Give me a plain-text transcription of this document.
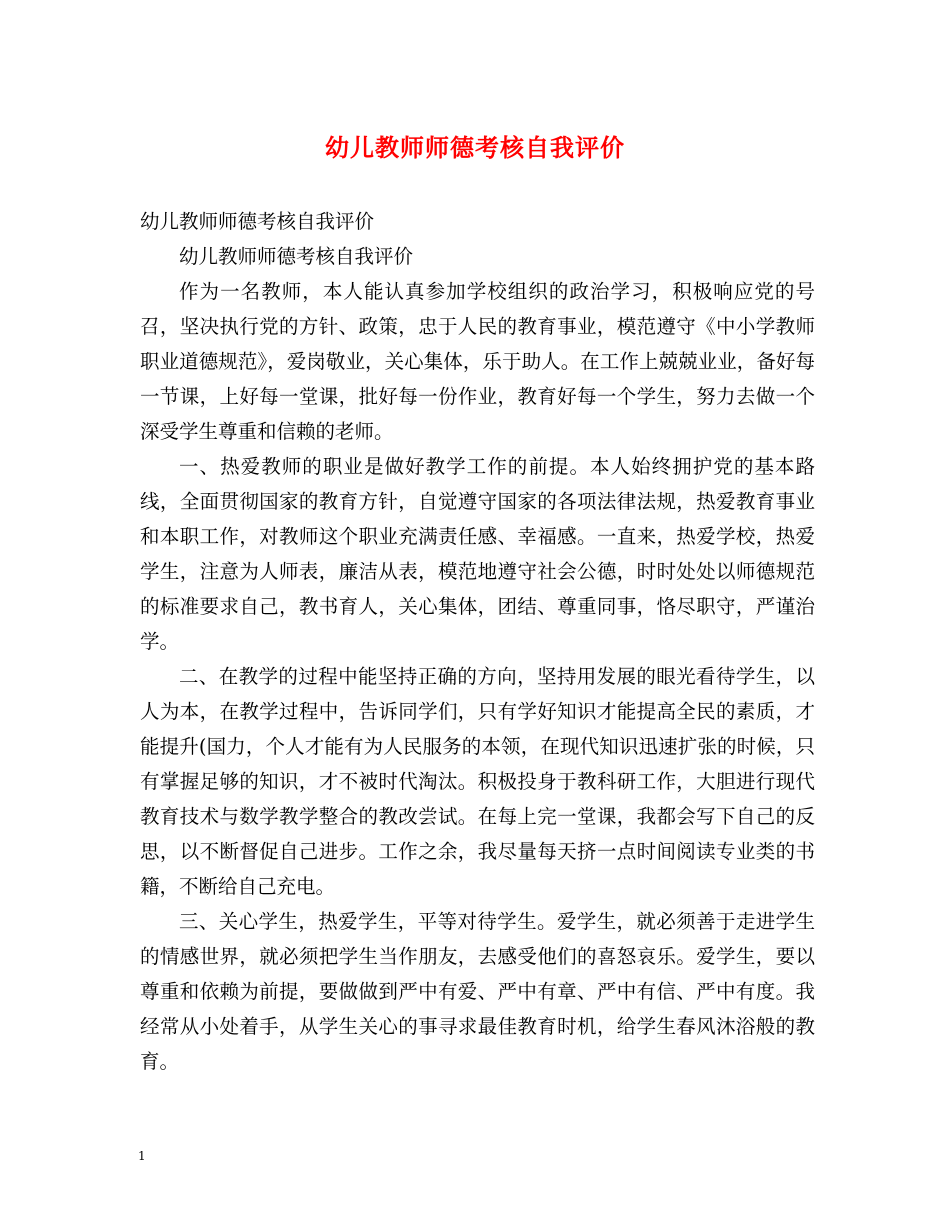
幼儿教师师德考核自我评价

幼儿教师师德考核自我评价

幼儿教师师德考核自我评价

作为一名教师，本人能认真参加学校组织的政治学习，积极响应党的号召，坚决执行党的方针、政策，忠于人民的教育事业，模范遵守《中小学教师职业道德规范》，爱岗敬业，关心集体，乐于助人。在工作上兢兢业业，备好每一节课，上好每一堂课，批好每一份作业，教育好每一个学生，努力去做一个深受学生尊重和信赖的老师。

一、热爱教师的职业是做好教学工作的前提。本人始终拥护党的基本路线，全面贯彻国家的教育方针，自觉遵守国家的各项法律法规，热爱教育事业和本职工作，对教师这个职业充满责任感、幸福感。一直来，热爱学校，热爱学生，注意为人师表，廉洁从表，模范地遵守社会公德，时时处处以师德规范的标准要求自己，教书育人，关心集体，团结、尊重同事，恪尽职守，严谨治学。

二、在教学的过程中能坚持正确的方向，坚持用发展的眼光看待学生，以人为本，在教学过程中，告诉同学们，只有学好知识才能提高全民的素质，才能提升(国力，个人才能有为人民服务的本领，在现代知识迅速扩张的时候，只有掌握足够的知识，才不被时代淘汰。积极投身于教科研工作，大胆进行现代教育技术与数学教学整合的教改尝试。在每上完一堂课，我都会写下自己的反思，以不断督促自己进步。工作之余，我尽量每天挤一点时间阅读专业类的书籍，不断给自己充电。

三、关心学生，热爱学生，平等对待学生。爱学生，就必须善于走进学生的情感世界，就必须把学生当作朋友，去感受他们的喜怒哀乐。爱学生，要以尊重和依赖为前提，要做做到严中有爱、严中有章、严中有信、严中有度。我经常从小处着手，从学生关心的事寻求最佳教育时机，给学生春风沐浴般的教育。

1
